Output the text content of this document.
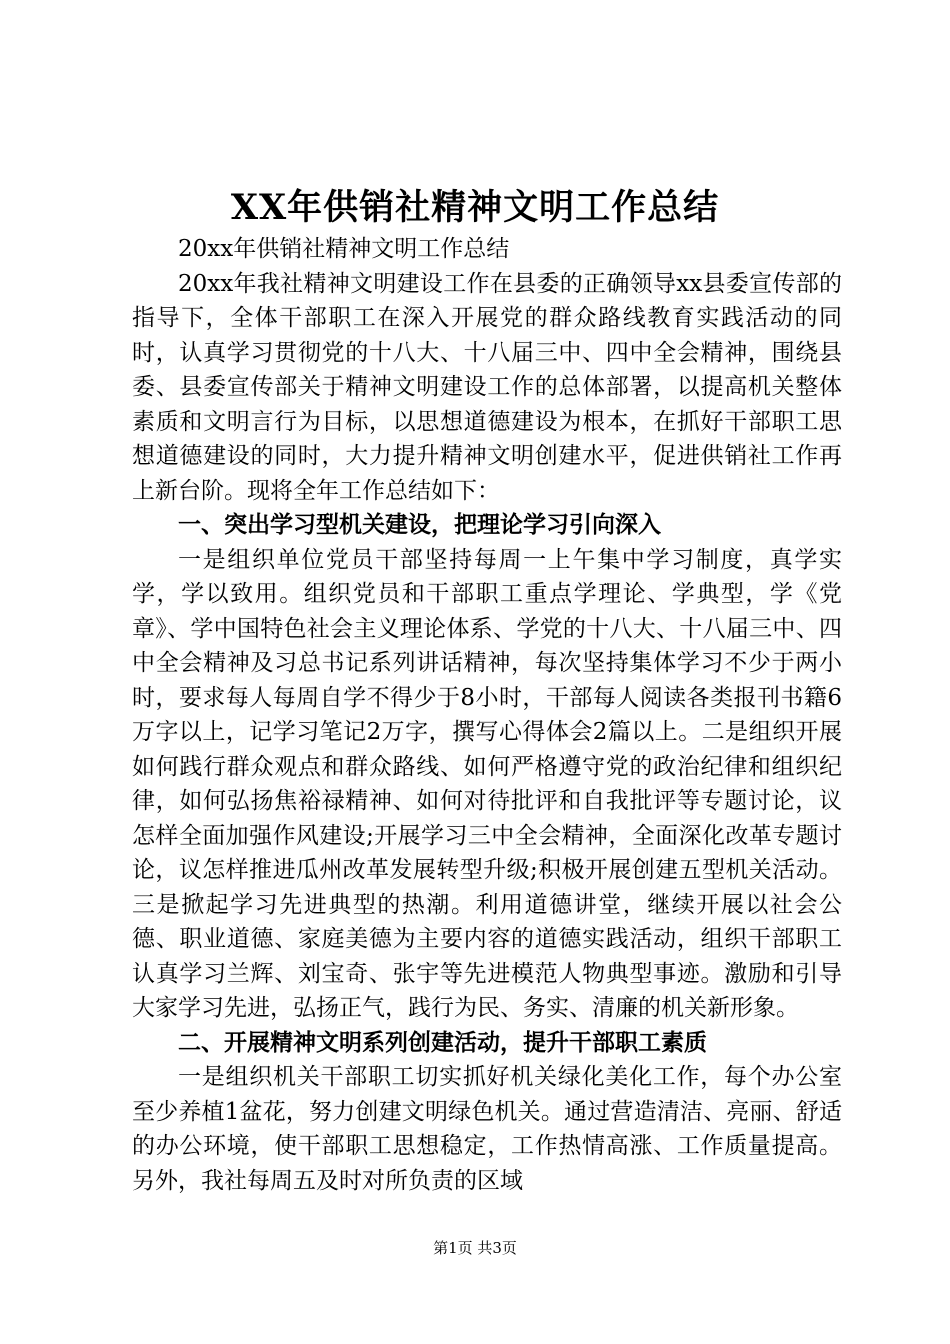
XX年供销社精神文明工作总结

20xx年供销社精神文明工作总结

20xx年我社精神文明建设工作在县委的正确领导xx县委宣传部的指导下，全体干部职工在深入开展党的群众路线教育实践活动的同时，认真学习贯彻党的十八大、十八届三中、四中全会精神，围绕县委、县委宣传部关于精神文明建设工作的总体部署，以提高机关整体素质和文明言行为目标，以思想道德建设为根本，在抓好干部职工思想道德建设的同时，大力提升精神文明创建水平，促进供销社工作再上新台阶。现将全年工作总结如下：

一、突出学习型机关建设，把理论学习引向深入

一是组织单位党员干部坚持每周一上午集中学习制度，真学实学，学以致用。组织党员和干部职工重点学理论、学典型，学《党章》、学中国特色社会主义理论体系、学党的十八大、十八届三中、四中全会精神及习总书记系列讲话精神，每次坚持集体学习不少于两小时，要求每人每周自学不得少于8小时，干部每人阅读各类报刊书籍6万字以上，记学习笔记2万字，撰写心得体会2篇以上。二是组织开展如何践行群众观点和群众路线、如何严格遵守党的政治纪律和组织纪律，如何弘扬焦裕禄精神、如何对待批评和自我批评等专题讨论，议怎样全面加强作风建设;开展学习三中全会精神，全面深化改革专题讨论，议怎样推进瓜州改革发展转型升级;积极开展创建五型机关活动。三是掀起学习先进典型的热潮。利用道德讲堂，继续开展以社会公德、职业道德、家庭美德为主要内容的道德实践活动，组织干部职工认真学习兰辉、刘宝奇、张宇等先进模范人物典型事迹。激励和引导大家学习先进，弘扬正气，践行为民、务实、清廉的机关新形象。

二、开展精神文明系列创建活动，提升干部职工素质

一是组织机关干部职工切实抓好机关绿化美化工作，每个办公室至少养植1盆花，努力创建文明绿色机关。通过营造清洁、亮丽、舒适的办公环境，使干部职工思想稳定，工作热情高涨、工作质量提高。另外，我社每周五及时对所负责的区域

第1页 共3页
